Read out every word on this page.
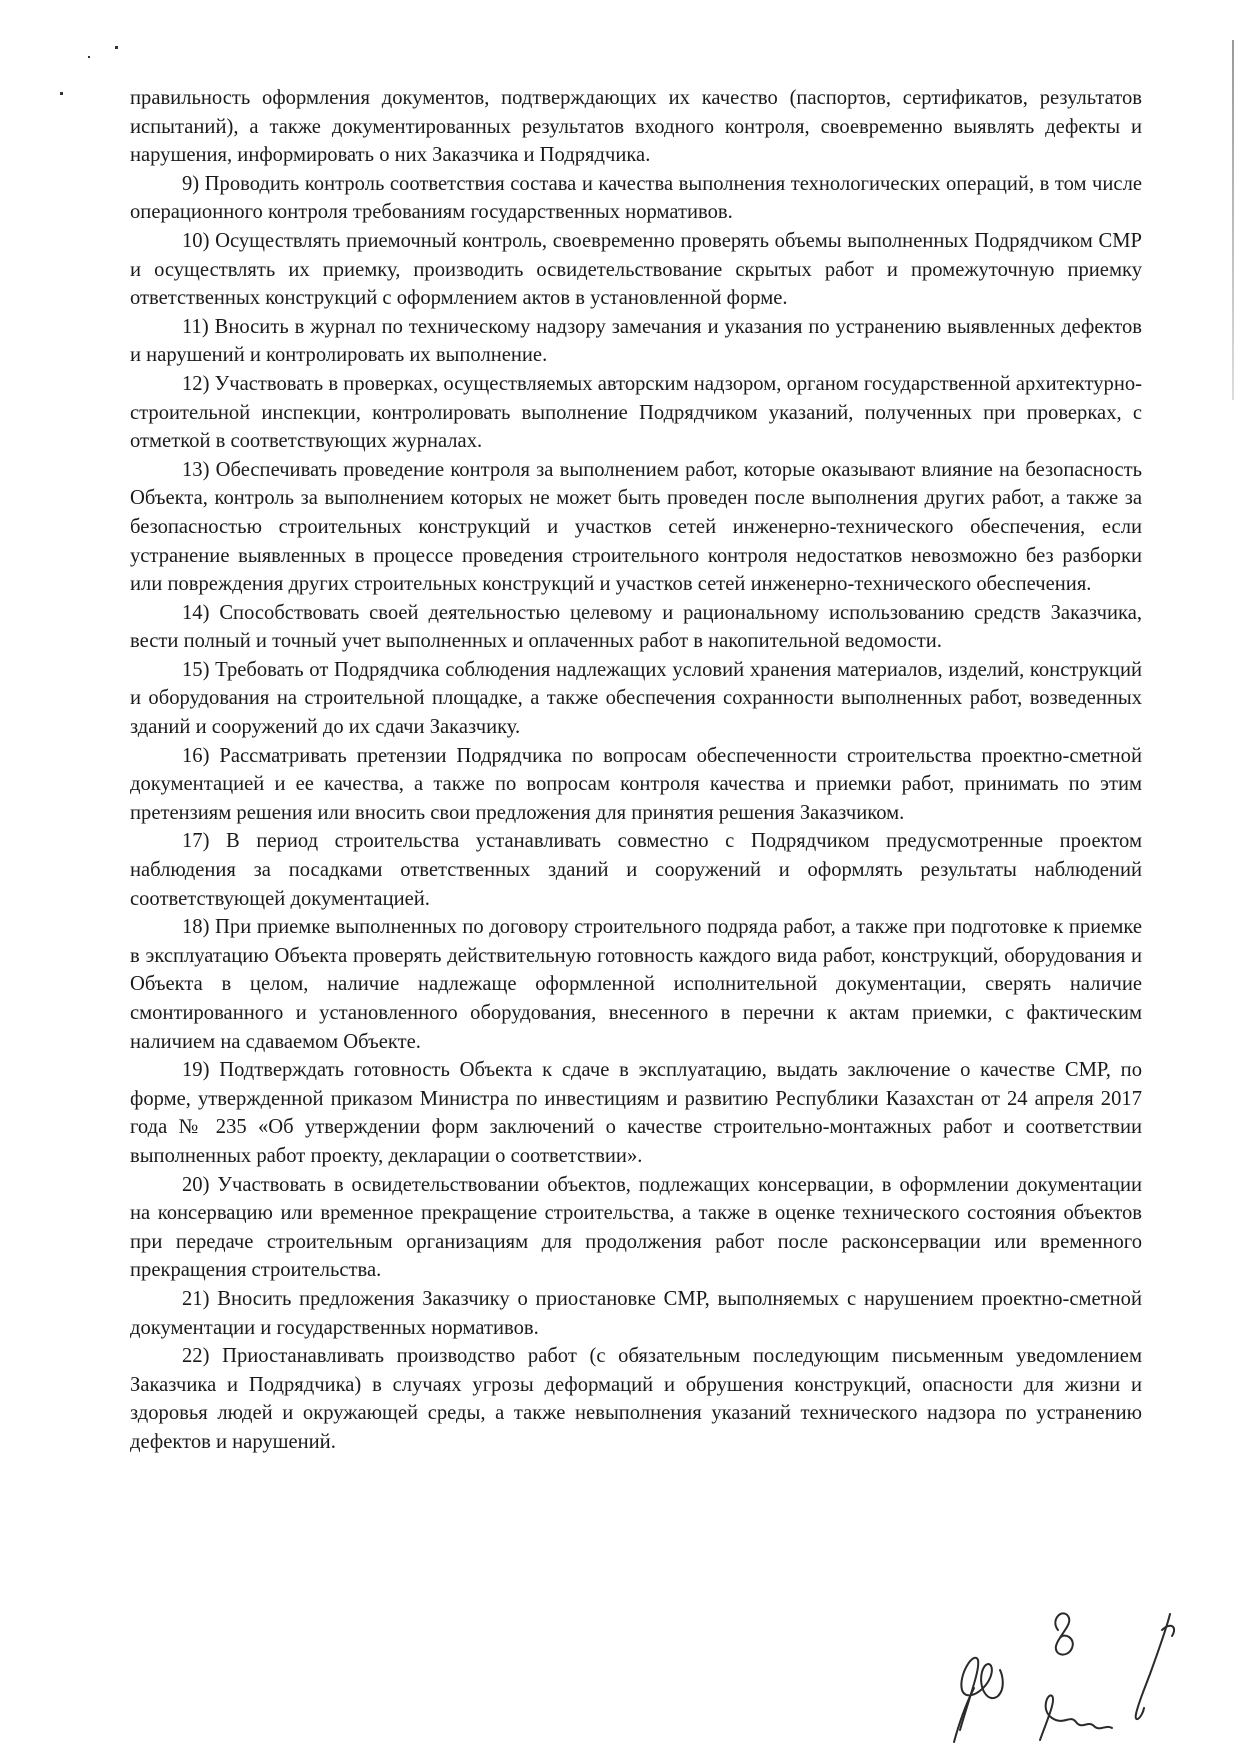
правильность оформления документов, подтверждающих их качество (паспортов, сертификатов, результатов испытаний), а также документированных результатов входного контроля, своевременно выявлять дефекты и нарушения, информировать о них Заказчика и Подрядчика.

9) Проводить контроль соответствия состава и качества выполнения технологических операций, в том числе операционного контроля требованиям государственных нормативов.

10) Осуществлять приемочный контроль, своевременно проверять объемы выполненных Подрядчиком СМР и осуществлять их приемку, производить освидетельствование скрытых работ и промежуточную приемку ответственных конструкций с оформлением актов в установленной форме.

11) Вносить в журнал по техническому надзору замечания и указания по устранению выявленных дефектов и нарушений и контролировать их выполнение.

12) Участвовать в проверках, осуществляемых авторским надзором, органом государственной архитектурно-строительной инспекции, контролировать выполнение Подрядчиком указаний, полученных при проверках, с отметкой в соответствующих журналах.

13) Обеспечивать проведение контроля за выполнением работ, которые оказывают влияние на безопасность Объекта, контроль за выполнением которых не может быть проведен после выполнения других работ, а также за безопасностью строительных конструкций и участков сетей инженерно-технического обеспечения, если устранение выявленных в процессе проведения строительного контроля недостатков невозможно без разборки или повреждения других строительных конструкций и участков сетей инженерно-технического обеспечения.

14) Способствовать своей деятельностью целевому и рациональному использованию средств Заказчика, вести полный и точный учет выполненных и оплаченных работ в накопительной ведомости.

15) Требовать от Подрядчика соблюдения надлежащих условий хранения материалов, изделий, конструкций и оборудования на строительной площадке, а также обеспечения сохранности выполненных работ, возведенных зданий и сооружений до их сдачи Заказчику.

16) Рассматривать претензии Подрядчика по вопросам обеспеченности строительства проектно-сметной документацией и ее качества, а также по вопросам контроля качества и приемки работ, принимать по этим претензиям решения или вносить свои предложения для принятия решения Заказчиком.

17) В период строительства устанавливать совместно с Подрядчиком предусмотренные проектом наблюдения за посадками ответственных зданий и сооружений и оформлять результаты наблюдений соответствующей документацией.

18) При приемке выполненных по договору строительного подряда работ, а также при подготовке к приемке в эксплуатацию Объекта проверять действительную готовность каждого вида работ, конструкций, оборудования и Объекта в целом, наличие надлежаще оформленной исполнительной документации, сверять наличие смонтированного и установленного оборудования, внесенного в перечни к актам приемки, с фактическим наличием на сдаваемом Объекте.

19) Подтверждать готовность Объекта к сдаче в эксплуатацию, выдать заключение о качестве СМР, по форме, утвержденной приказом Министра по инвестициям и развитию Республики Казахстан от 24 апреля 2017 года № 235 «Об утверждении форм заключений о качестве строительно-монтажных работ и соответствии выполненных работ проекту, декларации о соответствии».

20) Участвовать в освидетельствовании объектов, подлежащих консервации, в оформлении документации на консервацию или временное прекращение строительства, а также в оценке технического состояния объектов при передаче строительным организациям для продолжения работ после расконсервации или временного прекращения строительства.

21) Вносить предложения Заказчику о приостановке СМР, выполняемых с нарушением проектно-сметной документации и государственных нормативов.

22) Приостанавливать производство работ (с обязательным последующим письменным уведомлением Заказчика и Подрядчика) в случаях угрозы деформаций и обрушения конструкций, опасности для жизни и здоровья людей и окружающей среды, а также невыполнения указаний технического надзора по устранению дефектов и нарушений.
